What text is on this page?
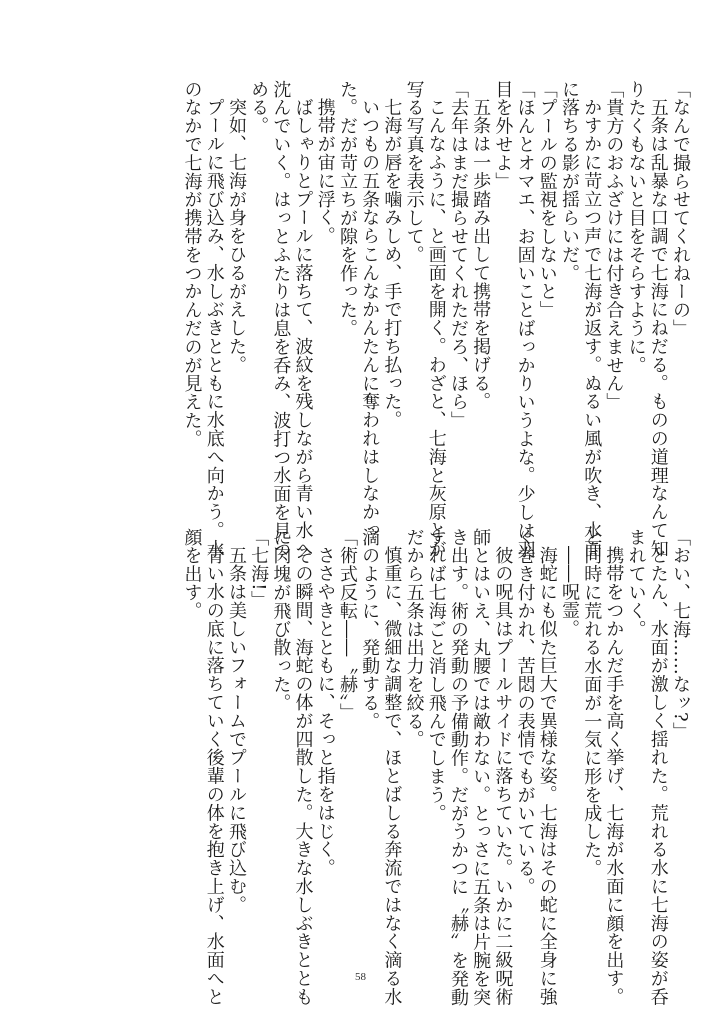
「なんで撮らせてくれねーの」
五条は乱暴な口調で七海にねだる。ものの道理なんて知
りたくもないと目をそらすように。
「貴方のおふざけには付き合えません」
かすかに苛立つ声で七海が返す。ぬるい風が吹き、水面
に落ちる影が揺らいだ。
「プールの監視をしないと」
「ほんとオマエ、お固いことばっかりいうよな。少しは羽
目を外せよ」
五条は一歩踏み出して携帯を掲げる。
「去年はまだ撮らせてくれただろ、ほら」
こんなふうに、と画面を開く。わざと、七海と灰原とが
写る写真を表示して。
七海が唇を噛みしめ、手で打ち払った。
いつもの五条ならこんなかんたんに奪われはしなかっ
た。だが苛立ちが隙を作った。
携帯が宙に浮く。
ばしゃりとプールに落ちて、波紋を残しながら青い水へ
沈んでいく。はっとふたりは息を呑み、波打つ水面を見つ
める。
突如、七海が身をひるがえした。
プールに飛び込み、水しぶきとともに水底へ向かう。水
のなかで七海が携帯をつかんだのが見えた。
「おい、七海……なッ?」
とたん、水面が激しく揺れた。荒れる水に七海の姿が呑
まれていく。
携帯をつかんだ手を高く挙げ、七海が水面に顔を出す。
と同時に荒れる水面が一気に形を成した。
――呪霊。
海蛇にも似た巨大で異様な姿。七海はその蛇に全身に強
く巻き付かれ、苦悶の表情でもがいている。
彼の呪具はプールサイドに落ちていた。いかに二級呪術
師とはいえ、丸腰では敵わない。とっさに五条は片腕を突
き出す。術の発動の予備動作。だがうかつに〝赫〟を発動
すれば七海ごと消し飛んでしまう。
だから五条は出力を絞る。
慎重に、微細な調整で、ほとばしる奔流ではなく滴る水
滴のように、発動する。
「術式反転――〝赫〟」
ささやきとともに、そっと指をはじく。
その瞬間、海蛇の体が四散した。大きな水しぶきととも
に肉塊が飛び散った。
「七海!」
五条は美しいフォームでプールに飛び込む。
青い水の底に落ちていく後輩の体を抱き上げ、水面へと
顔を出す。
58
